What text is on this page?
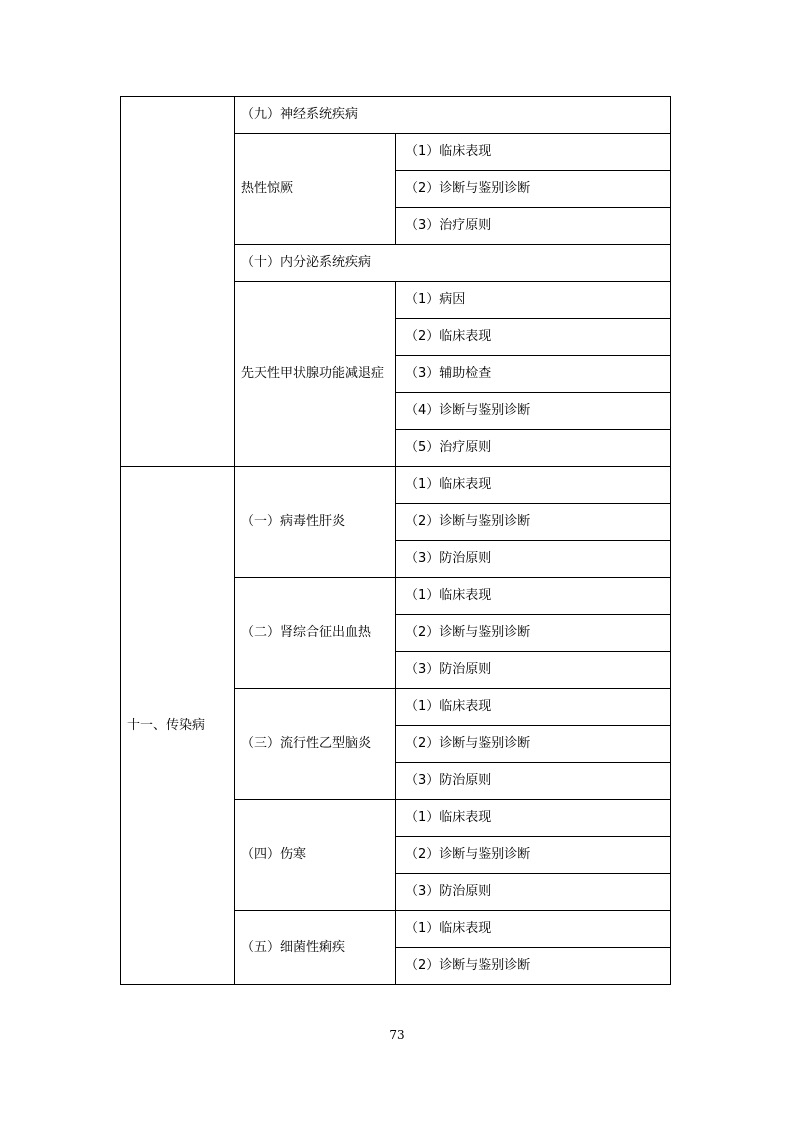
	（九）神经系统疾病	
	热性惊厥	（1）临床表现
		（2）诊断与鉴别诊断
		（3）治疗原则
	（十）内分泌系统疾病	
	先天性甲状腺功能减退症	（1）病因
		（2）临床表现
		（3）辅助检查
		（4）诊断与鉴别诊断
		（5）治疗原则
十一、传染病	（一）病毒性肝炎	（1）临床表现
		（2）诊断与鉴别诊断
		（3）防治原则
	（二）肾综合征出血热	（1）临床表现
		（2）诊断与鉴别诊断
		（3）防治原则
	（三）流行性乙型脑炎	（1）临床表现
		（2）诊断与鉴别诊断
		（3）防治原则
	（四）伤寒	（1）临床表现
		（2）诊断与鉴别诊断
		（3）防治原则
	（五）细菌性痢疾	（1）临床表现
		（2）诊断与鉴别诊断
73
